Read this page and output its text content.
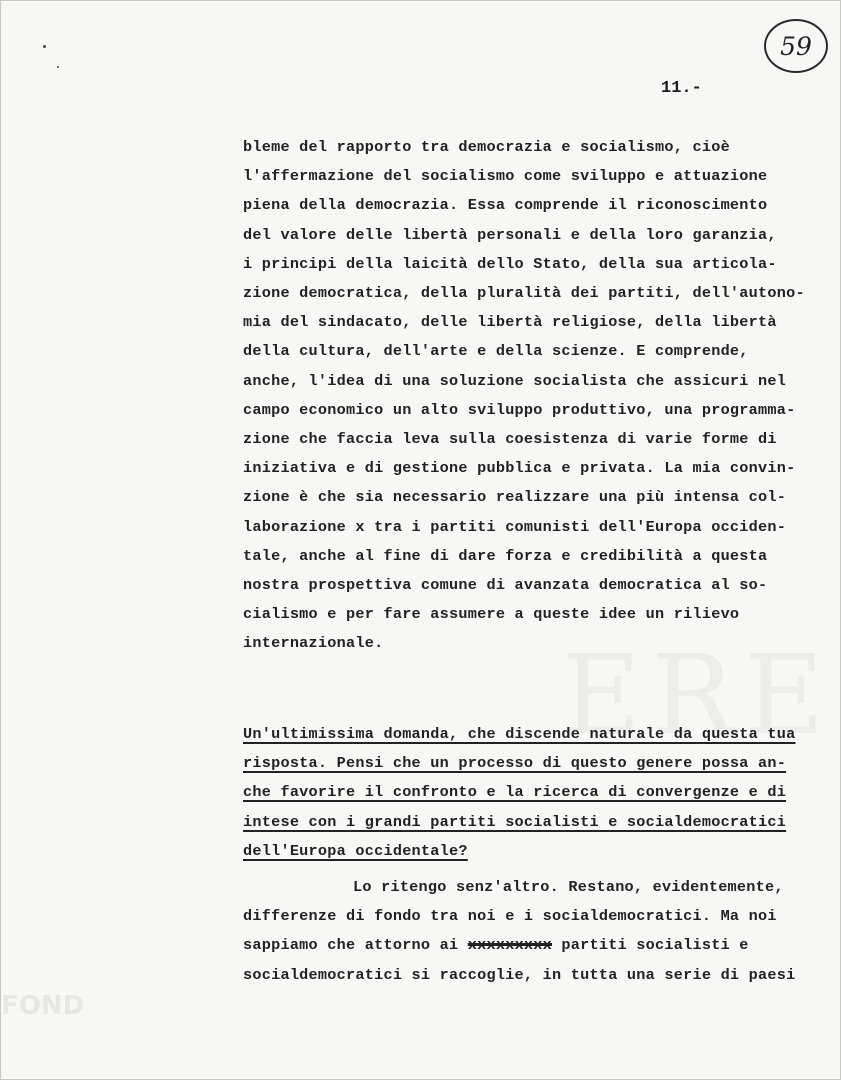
FOND
59
11.-
bleme del rapporto tra democrazia e socialismo, cioè
l'affermazione del socialismo come sviluppo e attuazione
piena della democrazia. Essa comprende il riconoscimento
del valore delle libertà personali e della loro garanzia,
i principi della laicità dello Stato, della sua articola-
zione democratica, della pluralità dei partiti, dell'autono-
mia del sindacato, delle libertà religiose, della libertà
della cultura, dell'arte e della scienze. E comprende,
anche, l'idea di una soluzione socialista che assicuri nel
campo economico un alto sviluppo produttivo, una programma-
zione che faccia leva sulla coesistenza di varie forme di
iniziativa e di gestione pubblica e privata. La mia convin-
zione è che sia necessario realizzare una più intensa col-
laborazione x tra i partiti comunisti dell'Europa occiden-
tale, anche al fine di dare forza e credibilità a questa
nostra prospettiva comune di avanzata democratica al so-
cialismo e per fare assumere a queste idee un rilievo
internazionale.
Un'ultimissima domanda, che discende naturale da questa tua
risposta. Pensi che un processo di questo genere possa an-
che favorire il confronto e la ricerca di convergenze e di
intese con i grandi partiti socialisti e socialdemocratici
dell'Europa occidentale?
Lo ritengo senz'altro. Restano, evidentemente,
differenze di fondo tra noi e i socialdemocratici. Ma noi
sappiamo che attorno ai xxxxxxxxx partiti socialisti e
socialdemocratici si raccoglie, in tutta una serie di paesi
